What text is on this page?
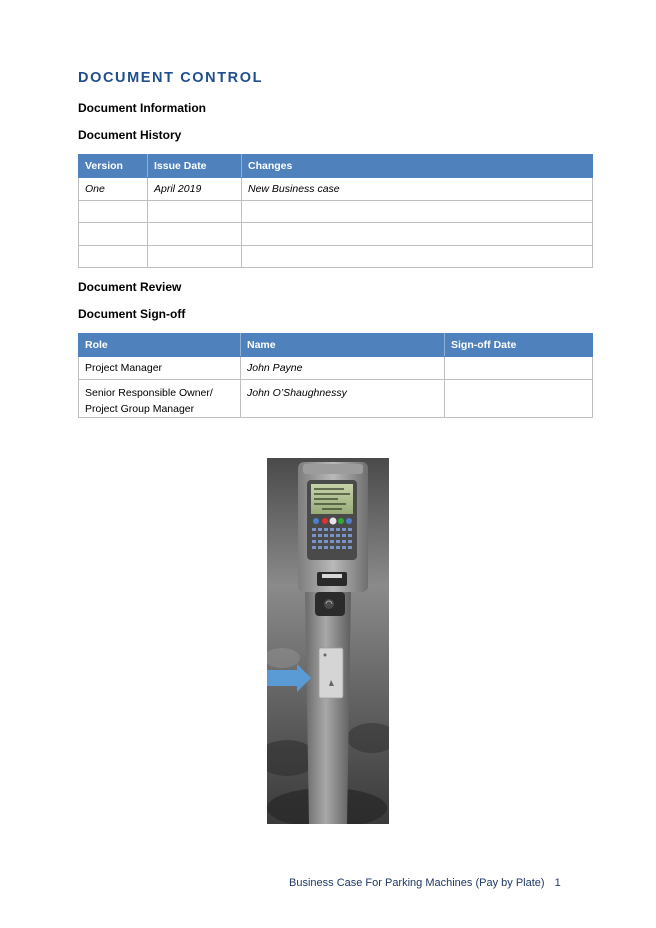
DOCUMENT CONTROL
Document Information
Document History
Version	Issue Date	Changes
One	April 2019	New Business case

Document Review
Document Sign-off
Role	Name	Sign-off Date
Project Manager	John Payne	
Senior Responsible Owner/ Project Group Manager	John O’Shaughnessy	
Business Case For Parking Machines (Pay by Plate) 1
